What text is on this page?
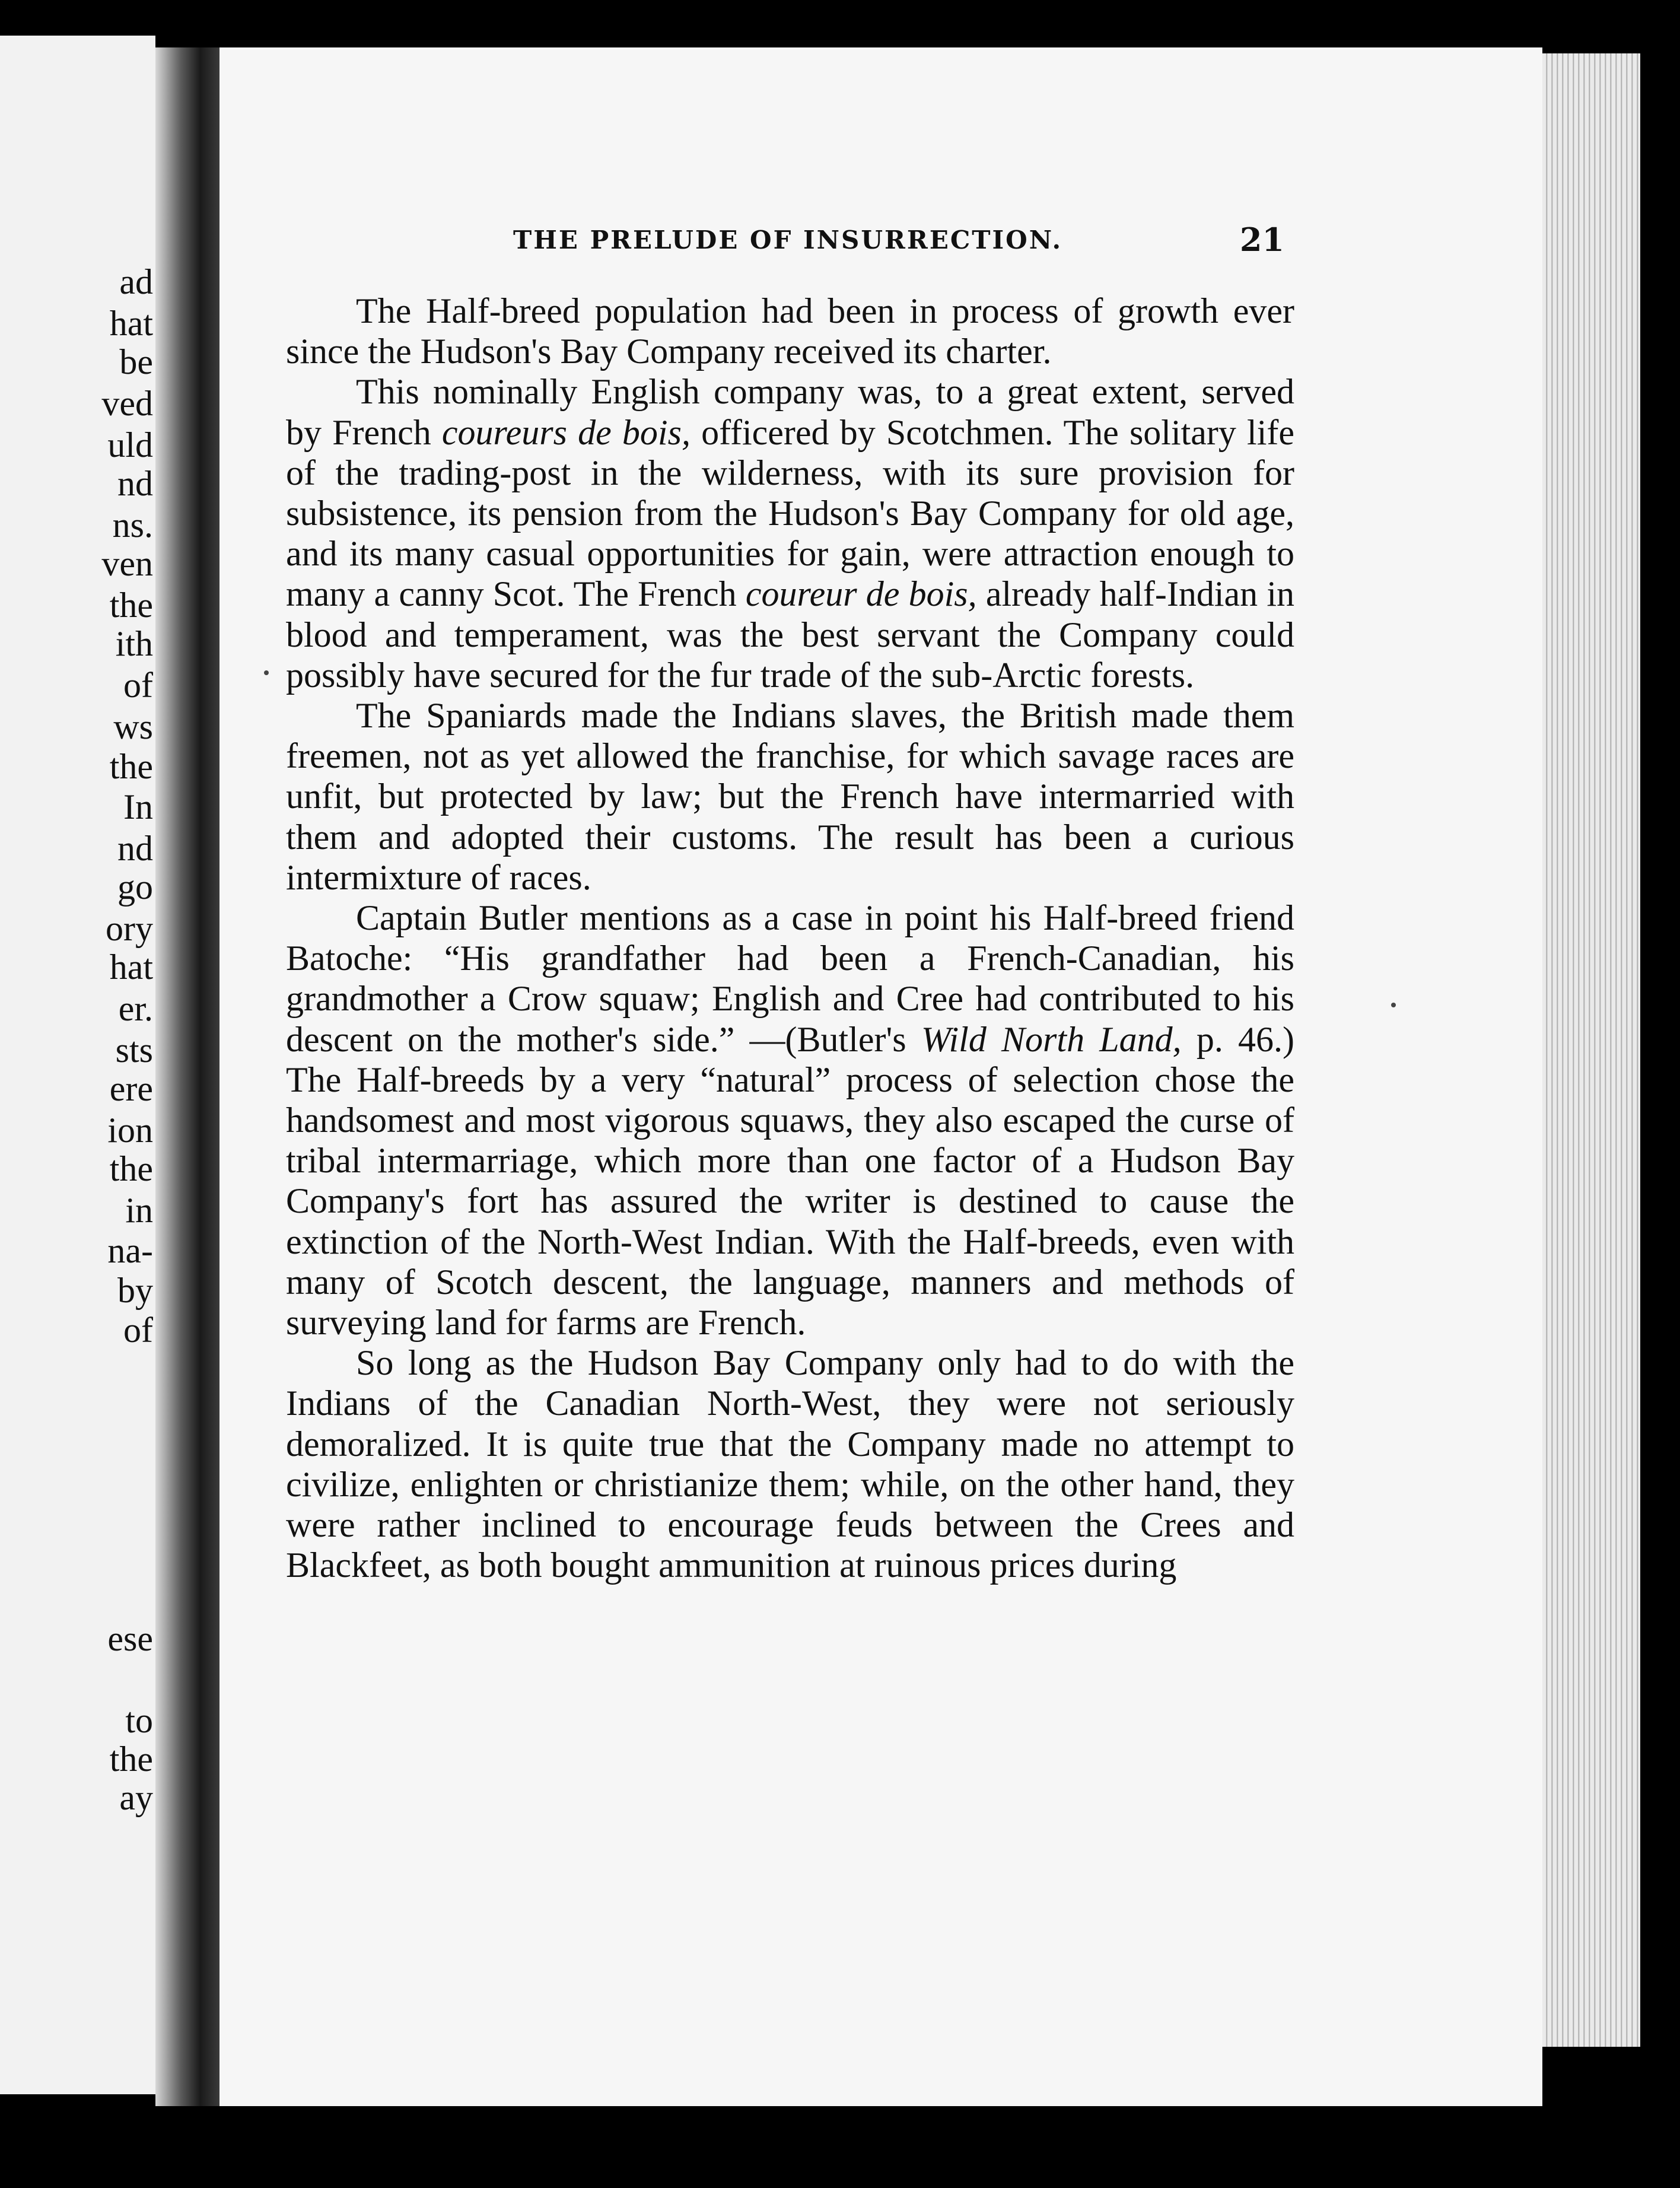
ad
hat
be
ved
uld
nd
ns.
ven
the
ith
of
ws
the
In
nd
go
ory
hat
er.
sts
ere
ion
the
in
na-
by
of
ese
to
the
ay
THE PRELUDE OF INSURRECTION.	21

The Half-breed population had been in process of growth ever since the Hudson's Bay Company received its charter.

This nominally English company was, to a great extent, served by French coureurs de bois, officered by Scotchmen. The solitary life of the trading-post in the wilderness, with its sure provision for subsistence, its pension from the Hudson's Bay Company for old age, and its many casual opportunities for gain, were attraction enough to many a canny Scot. The French coureur de bois, already half-Indian in blood and temperament, was the best servant the Company could possibly have secured for the fur trade of the sub-Arctic forests.

The Spaniards made the Indians slaves, the British made them freemen, not as yet allowed the franchise, for which savage races are unfit, but protected by law; but the French have intermarried with them and adopted their customs. The result has been a curious intermixture of races.

Captain Butler mentions as a case in point his Half-breed friend Batoche: “His grandfather had been a French-Canadian, his grandmother a Crow squaw; English and Cree had contributed to his descent on the mother's side.” —(Butler's Wild North Land, p. 46.) The Half-breeds by a very “natural” process of selection chose the handsomest and most vigorous squaws, they also escaped the curse of tribal intermarriage, which more than one factor of a Hudson Bay Company's fort has assured the writer is destined to cause the extinction of the North-West Indian. With the Half-breeds, even with many of Scotch descent, the language, manners and methods of surveying land for farms are French.

So long as the Hudson Bay Company only had to do with the Indians of the Canadian North-West, they were not seriously demoralized. It is quite true that the Company made no attempt to civilize, enlighten or christianize them; while, on the other hand, they were rather inclined to encourage feuds between the Crees and Blackfeet, as both bought ammunition at ruinous prices during
